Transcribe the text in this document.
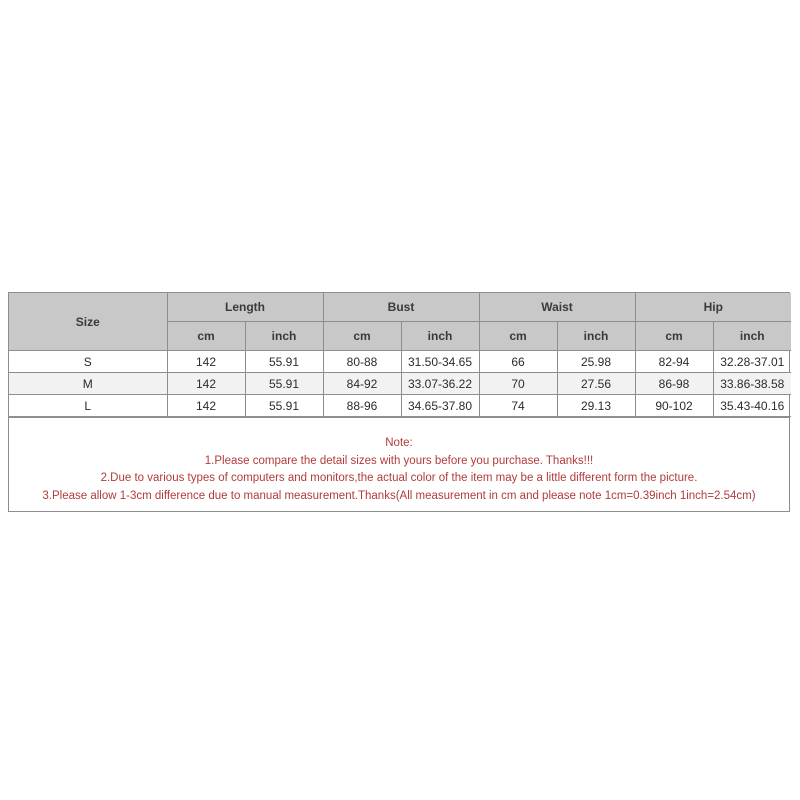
Size	Length		Bust		Waist		Hip	
	cm	inch	cm	inch	cm	inch	cm	inch
S	142	55.91	80-88	31.50-34.65	66	25.98	82-94	32.28-37.01
M	142	55.91	84-92	33.07-36.22	70	27.56	86-98	33.86-38.58
L	142	55.91	88-96	34.65-37.80	74	29.13	90-102	35.43-40.16
Note:
1.Please compare the detail sizes with yours before you purchase. Thanks!!!
2.Due to various types of computers and monitors,the actual color of the item may be a little different form the picture.
3.Please allow 1-3cm difference due to manual measurement.Thanks(All measurement in cm and please note 1cm=0.39inch 1inch=2.54cm)
